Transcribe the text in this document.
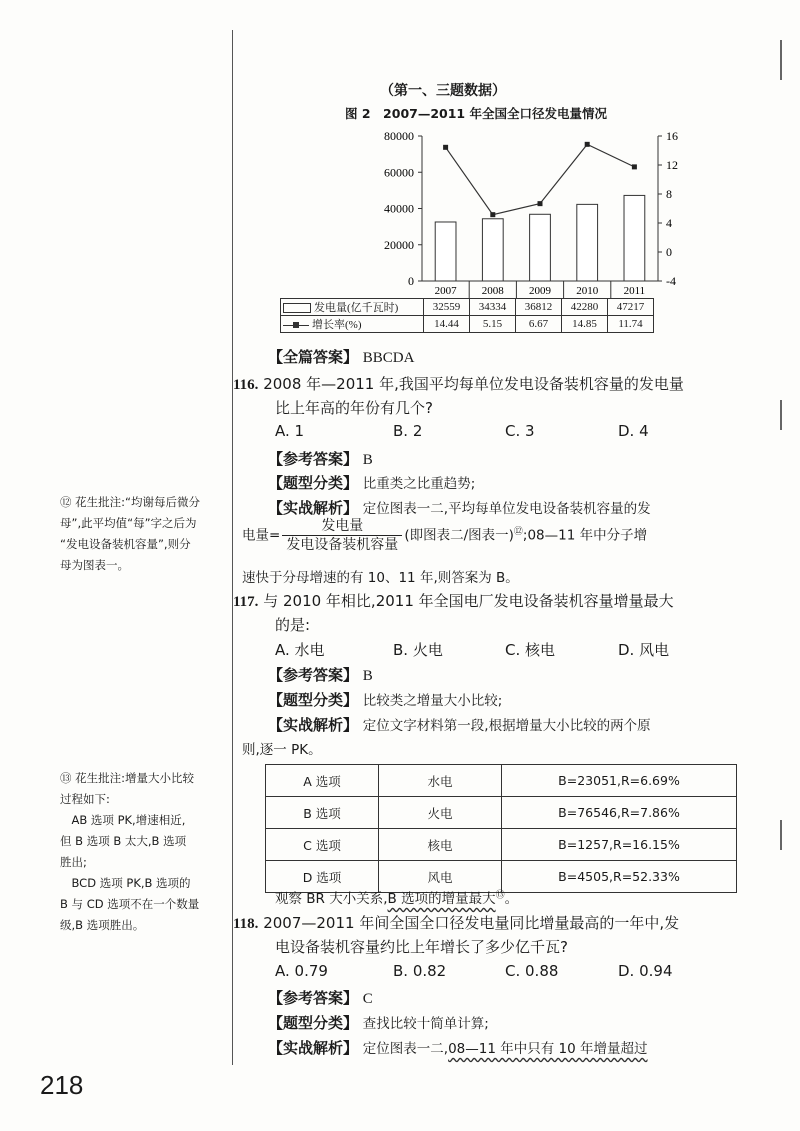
（第一、三题数据）
图 2　2007—2011 年全国全口径发电量情况
0
20000
40000
60000
80000
-4
0
4
8
12
16
2007 2008 2009 2010 2011
发电量(亿千瓦时)	32559	34334	36812	42280	47217

增长率(%)	14.44	5.15	6.67	14.85	11.74
【全篇答案】 BBCDA
116. 2008 年—2011 年,我国平均每单位发电设备装机容量的发电量
比上年高的年份有几个?
A. 1	B. 2	C. 3	D. 4
【参考答案】 B
【题型分类】 比重类之比重趋势;
【实战解析】 定位图表一二,平均每单位发电设备装机容量的发
电量= $\frac{\text{发电量}}{\text{发电设备装机容量}}$ (即图表二/图表一)⑫;08—11 年中分子增
速快于分母增速的有 10、11 年,则答案为 B。

⑫ 花生批注:“均谢每后微分

母”,此平均值“每”字之后为

“发电设备装机容量”,则分

母为图表一。

117. 与 2010 年相比,2011 年全国电厂发电设备装机容量增量最大
的是:
A. 水电	B. 火电	C. 核电	D. 风电
【参考答案】 B
【题型分类】 比较类之增量大小比较;
【实战解析】 定位文字材料第一段,根据增量大小比较的两个原
则,逐一 PK。
A 选项	水电	B=23051,R=6.69%
B 选项	火电	B=76546,R=7.86%
C 选项	核电	B=1257,R=16.15%
D 选项	风电	B=4505,R=52.33%
观察 BR 大小关系,B 选项的增量最大⑬。

⑬ 花生批注:增量大小比较

过程如下:

　AB 选项 PK,增速相近,

但 B 选项 B 太大,B 选项

胜出;

　BCD 选项 PK,B 选项的

B 与 CD 选项不在一个数量

级,B 选项胜出。	118. 2007—2011 年间全国全口径发电量同比增量最高的一年中,发
电设备装机容量约比上年增长了多少亿千瓦?
A. 0.79	B. 0.82	C. 0.88	D. 0.94
【参考答案】 C
【题型分类】 查找比较十简单计算;
【实战解析】 定位图表一二,08—11 年中只有 10 年增量超过
218
